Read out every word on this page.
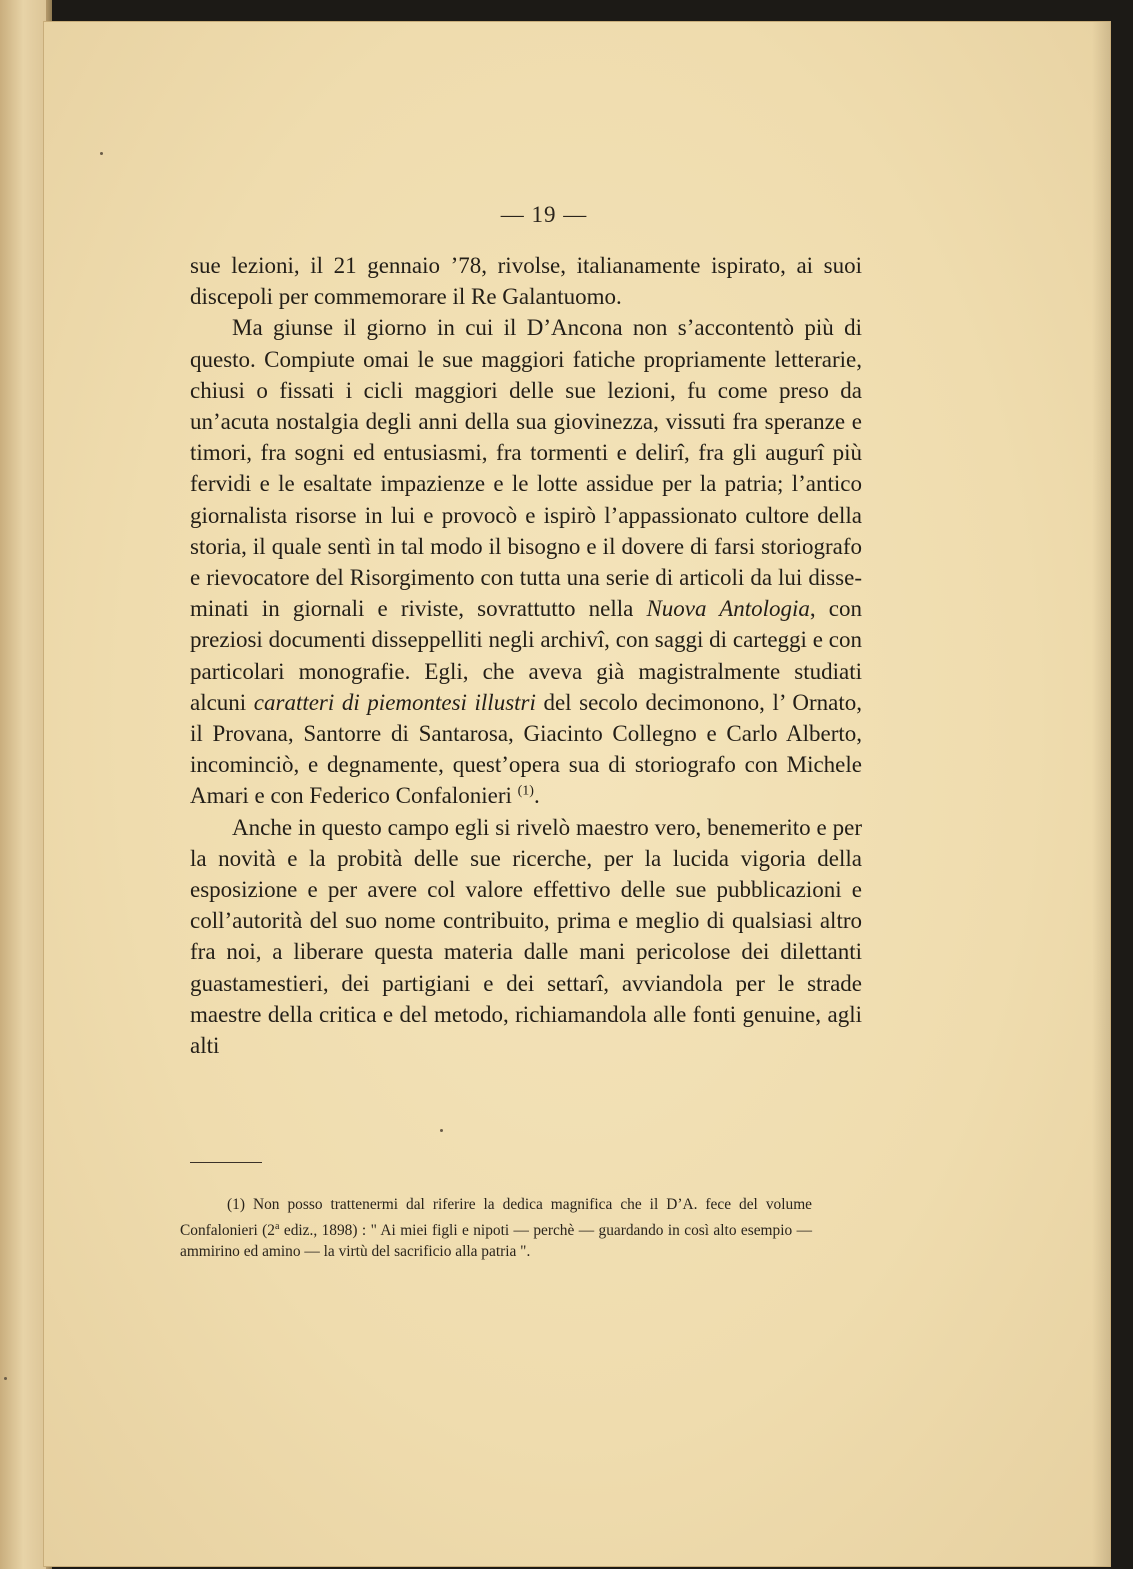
— 19 —

sue lezioni, il 21 gennaio ’78, rivolse, italianamente ispirato, ai suoi discepoli per commemorare il Re Galantuomo.

Ma giunse il giorno in cui il D’Ancona non s’accontentò più di questo. Compiute omai le sue maggiori fatiche propriamente letterarie, chiusi o fissati i cicli maggiori delle sue lezioni, fu come preso da un’acuta nostalgia degli anni della sua giovinezza, vissuti fra speranze e timori, fra sogni ed entusiasmi, fra tormenti e delirî, fra gli augurî più fervidi e le esaltate impazienze e le lotte assidue per la patria; l’antico giornalista risorse in lui e provocò e ispirò l’appassionato cultore della storia, il quale sentì in tal modo il bisogno e il dovere di farsi storiografo e rievocatore del Risorgimento con tutta una serie di articoli da lui disseminati in giornali e riviste, sovrattutto nella Nuova Antologia, con preziosi documenti disseppelliti negli archivî, con saggi di carteggi e con particolari monografie. Egli, che aveva già magistralmente studiati alcuni caratteri di piemontesi illustri del secolo decimonono, l’ Ornato, il Provana, Santorre di Santarosa, Giacinto Collegno e Carlo Alberto, incominciò, e degnamente, quest’opera sua di storiografo con Michele Amari e con Federico Confalonieri $^{(1)}$.

Anche in questo campo egli si rivelò maestro vero, benemerito e per la novità e la probità delle sue ricerche, per la lucida vigoria della esposizione e per avere col valore effettivo delle sue pubblicazioni e coll’autorità del suo nome contribuito, prima e meglio di qualsiasi altro fra noi, a liberare questa materia dalle mani pericolose dei dilettanti guastamestieri, dei partigiani e dei settarî, avviandola per le strade maestre della critica e del metodo, richiamandola alle fonti genuine, agli alti

(1) Non posso trattenermi dal riferire la dedica magnifica che il D’A. fece del volume Confalonieri (2$^a$ ediz., 1898) : " Ai miei figli e nipoti — perchè — guardando in così alto esempio — ammirino ed amino — la virtù del sacrificio alla patria ".
